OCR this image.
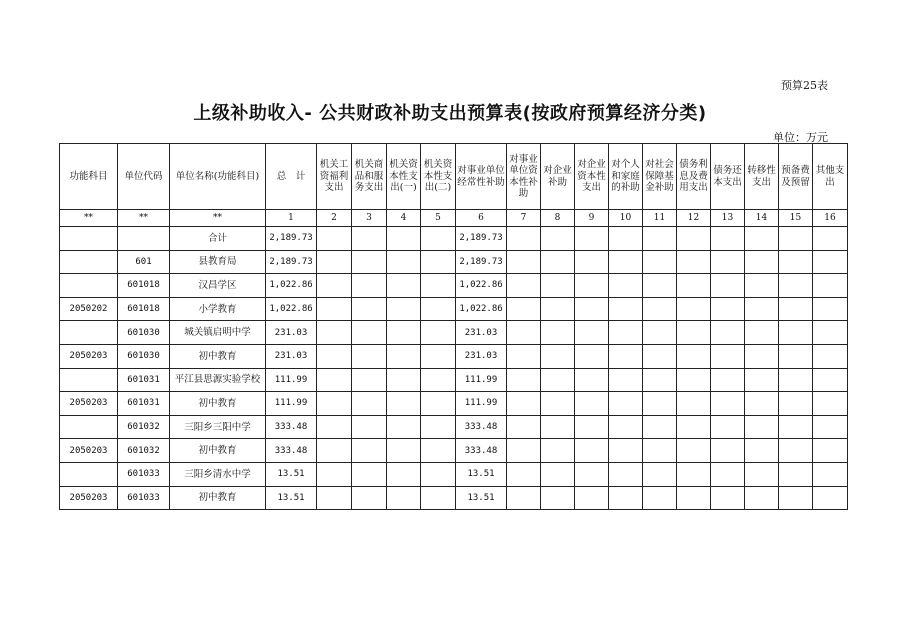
预算25表
上级补助收入- 公共财政补助支出预算表(按政府预算经济分类)
单位：万元
功能科目	单位代码	单位名称(功能科目)	总　计	机关工资福利支出	机关商品和服务支出	机关资本性支出(一)	机关资本性支出(二)	对事业单位经常性补助	对事业单位资本性补助	对企业补助	对企业资本性支出	对个人和家庭的补助	对社会保障基金补助	债务利息及费用支出	债务还本支出	转移性支出	预备费及预留	其他支出
**	**	**	1	2	3	4	5	6	7	8	9	10	11	12	13	14	15	16
		合计	2,189.73					2,189.73										
	601	县教育局	2,189.73					2,189.73										
	601018	汉昌学区	1,022.86					1,022.86										
2050202	601018	小学教育	1,022.86					1,022.86										
	601030	城关镇启明中学	231.03					231.03										
2050203	601030	初中教育	231.03					231.03										
	601031	平江县思源实验学校	111.99					111.99										
2050203	601031	初中教育	111.99					111.99										
	601032	三阳乡三阳中学	333.48					333.48										
2050203	601032	初中教育	333.48					333.48										
	601033	三阳乡清水中学	13.51					13.51										
2050203	601033	初中教育	13.51					13.51										
